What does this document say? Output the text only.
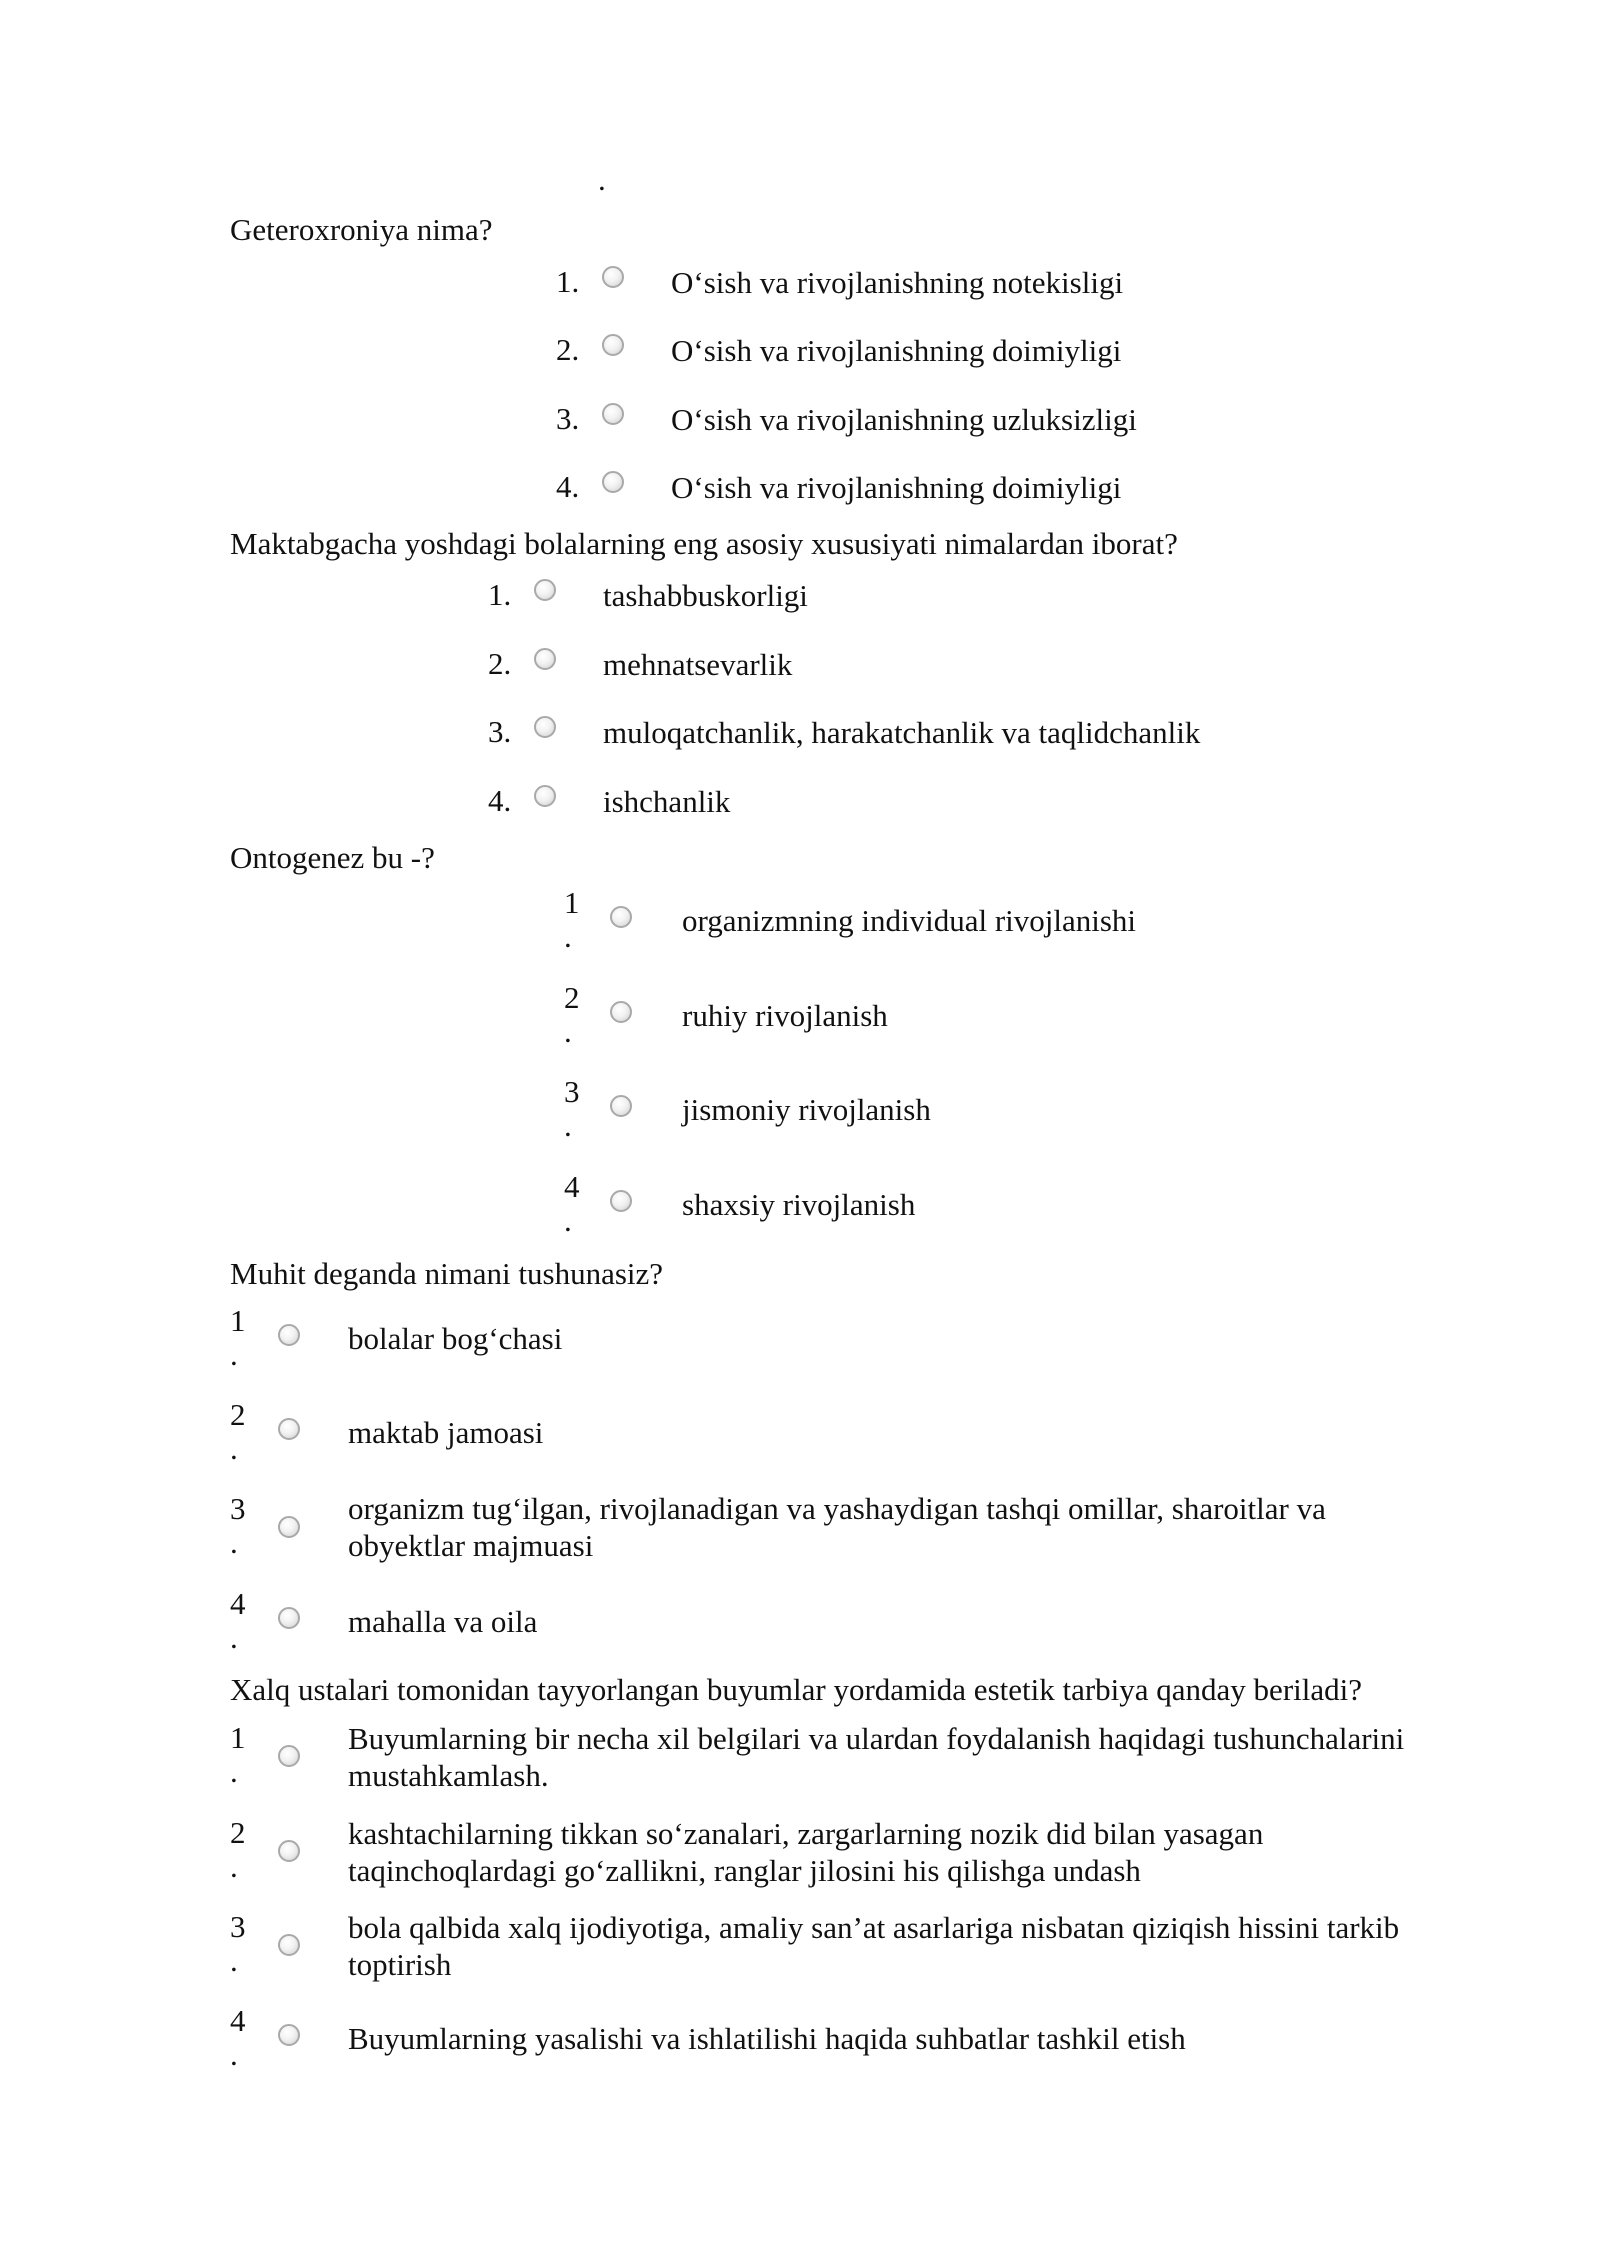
.
Geteroxroniya nima?
1.	O‘sish va rivojlanishning notekisligi
2.	O‘sish va rivojlanishning doimiyligi
3.	O‘sish va rivojlanishning uzluksizligi
4.	O‘sish va rivojlanishning doimiyligi
Maktabgacha yoshdagi bolalarning eng asosiy xususiyati nimalardan iborat?
1.	tashabbuskorligi
2.	mehnatsevarlik
3.	muloqatchanlik, harakatchanlik va taqlidchanlik
4.	ishchanlik
Ontogenez bu -?
1
.	organizmning individual rivojlanishi
2
.	ruhiy rivojlanish
3
.	jismoniy rivojlanish
4
.	shaxsiy rivojlanish
Muhit deganda nimani tushunasiz?
1
.	bolalar bog‘chasi
2
.	maktab jamoasi
3
.
organizm tug‘ilgan, rivojlanadigan va yashaydigan tashqi omillar, sharoitlar va obyektlar majmuasi
4
.	mahalla va oila
Xalq ustalari tomonidan tayyorlangan buyumlar yordamida estetik tarbiya qanday beriladi?
1
.
Buyumlarning bir necha xil belgilari va ulardan foydalanish haqidagi tushunchalarini mustahkamlash.
2
.
kashtachilarning tikkan so‘zanalari, zargarlarning nozik did bilan yasagan taqinchoqlardagi go‘zallikni, ranglar jilosini his qilishga undash
3
.
bola qalbida xalq ijodiyotiga, amaliy san’at asarlariga nisbatan qiziqish hissini tarkib toptirish
4
.	Buyumlarning yasalishi va ishlatilishi haqida suhbatlar tashkil etish
